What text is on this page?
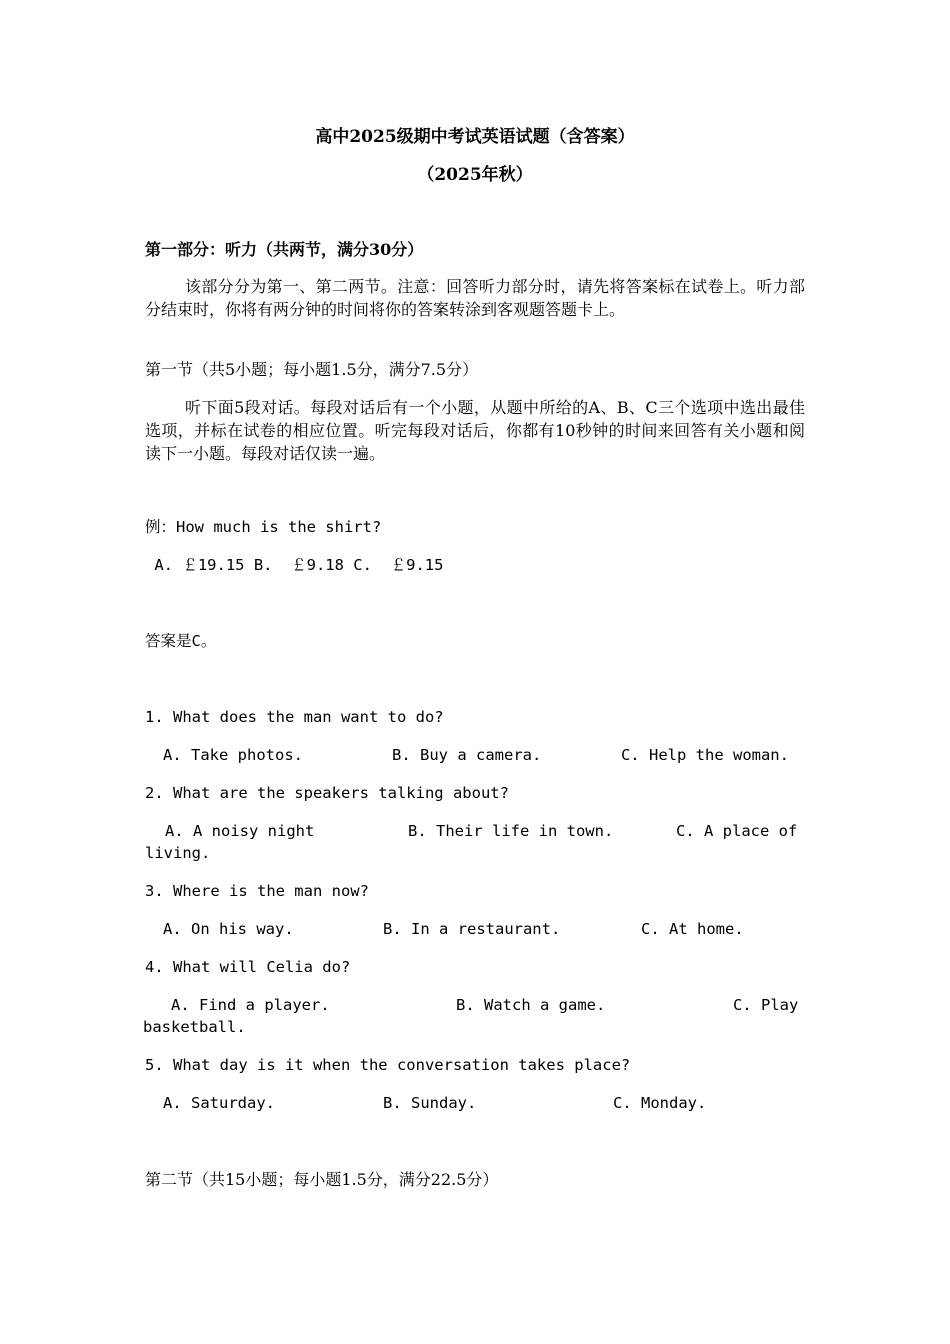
高中2025级期中考试英语试题（含答案）
（2025年秋）
第一部分：听力（共两节，满分30分）
该部分分为第一、第二两节。注意：回答听力部分时，请先将答案标在试卷上。听力部分结束时，你将有两分钟的时间将你的答案转涂到客观题答题卡上。
第一节（共5小题；每小题1.5分，满分7.5分）
听下面5段对话。每段对话后有一个小题，从题中所给的A、B、C三个选项中选出最佳选项，并标在试卷的相应位置。听完每段对话后，你都有10秒钟的时间来回答有关小题和阅读下一小题。每段对话仅读一遍。
例：How much is the shirt?
A. ￡19.15 B.  ￡9.18 C.  ￡9.15
答案是C。
1. What does the man want to do?
A. Take photos.	B. Buy a camera.	C. Help the woman.
2. What are the speakers talking about?
A. A noisy night	B. Their life in town.	C. A place of
living.
3. Where is the man now?
A. On his way.	B. In a restaurant.	C. At home.
4. What will Celia do?
A. Find a player.	B. Watch a game.	C. Play
basketball.
5. What day is it when the conversation takes place?
A. Saturday.	B. Sunday.	C. Monday.
第二节（共15小题；每小题1.5分，满分22.5分）
